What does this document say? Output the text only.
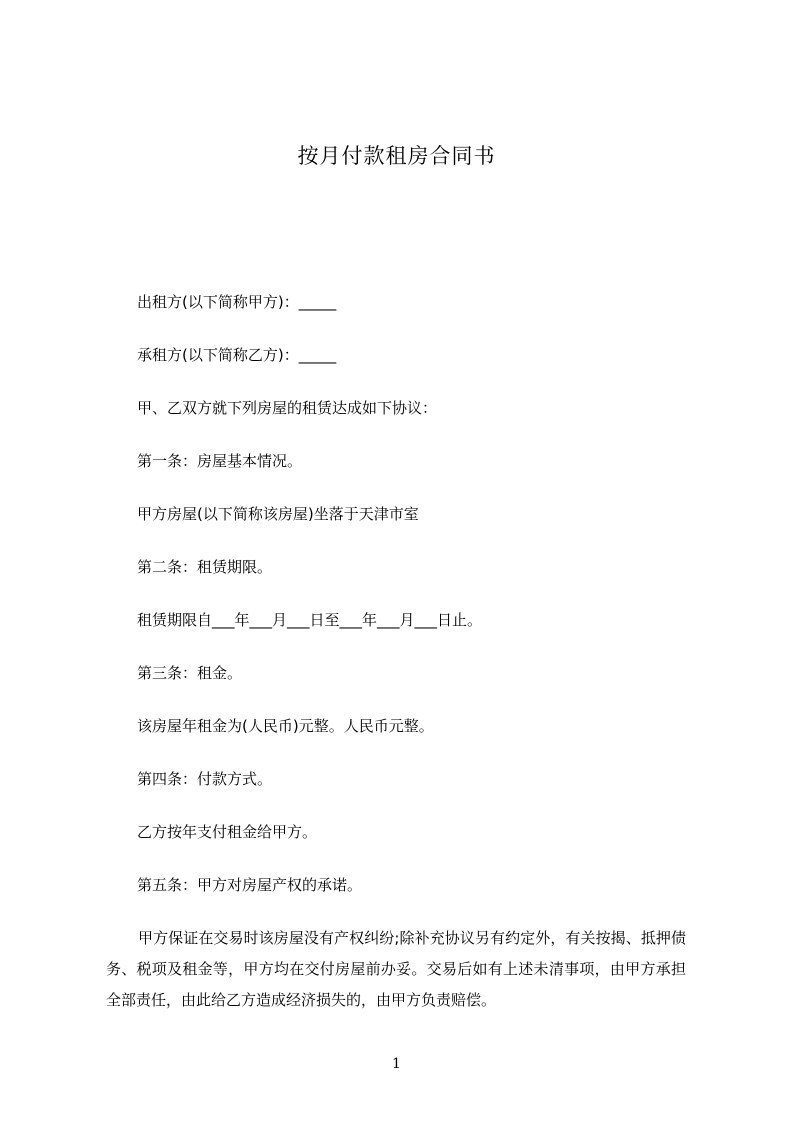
按月付款租房合同书

出租方(以下简称甲方)：_____

承租方(以下简称乙方)：_____

甲、乙双方就下列房屋的租赁达成如下协议：

第一条：房屋基本情况。

甲方房屋(以下简称该房屋)坐落于天津市室

第二条：租赁期限。

租赁期限自___年___月___日至___年___月___日止。

第三条：租金。

该房屋年租金为(人民币)元整。人民币元整。

第四条：付款方式。

乙方按年支付租金给甲方。

第五条：甲方对房屋产权的承诺。

甲方保证在交易时该房屋没有产权纠纷;除补充协议另有约定外，有关按揭、抵押债务、税项及租金等，甲方均在交付房屋前办妥。交易后如有上述未清事项，由甲方承担全部责任，由此给乙方造成经济损失的，由甲方负责赔偿。

1
